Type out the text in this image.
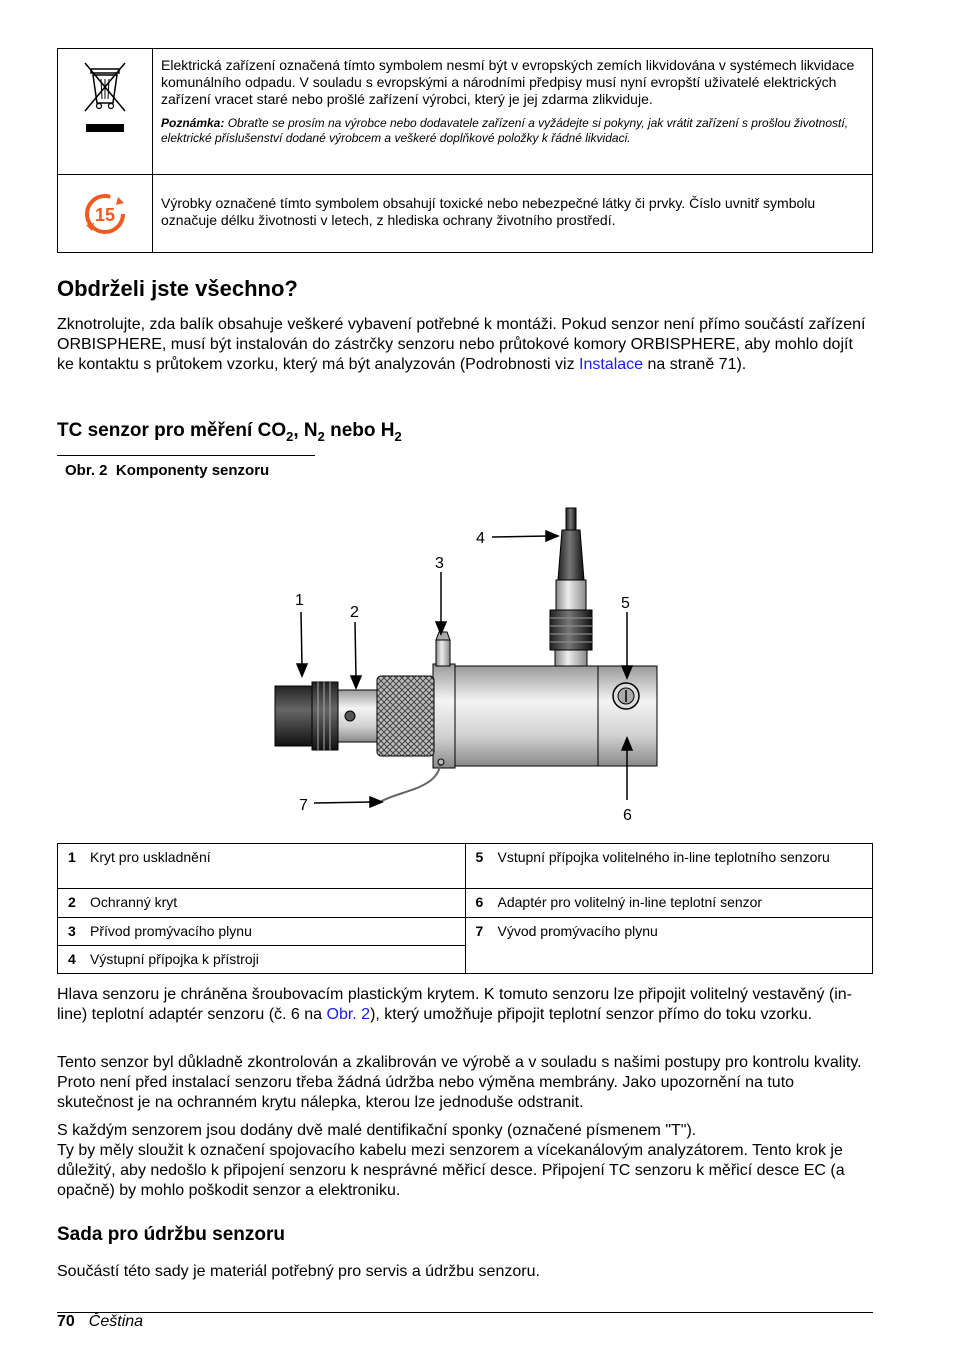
Elektrická zařízení označená tímto symbolem nesmí být v evropských zemích likvidována v systémech likvidace komunálního odpadu. V souladu s evropskými a národními předpisy musí nyní evropští uživatelé elektrických zařízení vracet staré nebo prošlé zařízení výrobci, který je jej zdarma zlikviduje.
Poznámka: Obraťte se prosím na výrobce nebo dodavatele zařízení a vyžádejte si pokyny, jak vrátit zařízení s prošlou životností, elektrické příslušenství dodané výrobcem a veškeré doplňkové položky k řádné likvidaci.

15	Výrobky označené tímto symbolem obsahují toxické nebo nebezpečné látky či prvky. Číslo uvnitř symbolu označuje délku životnosti v letech, z hlediska ochrany životního prostředí.
Obdrželi jste všechno?

Zknotrolujte, zda balík obsahuje veškeré vybavení potřebné k montáži. Pokud senzor není přímo součástí zařízení ORBISPHERE, musí být instalován do zástrčky senzoru nebo průtokové komory ORBISPHERE, aby mohlo dojít ke kontaktu s průtokem vzorku, který má být analyzován (Podrobnosti viz Instalace na straně 71).

TC senzor pro měření $CO_2$, $N_2$ nebo $H_2$
Obr. 2 Komponenty senzoru
1
2
3
4
5
6
7
1 Kryt pro uskladnění	5 Vstupní přípojka volitelného in-line teplotního senzoru

2 Ochranný kryt	6 Adaptér pro volitelný in-line teplotní senzor

3 Přívod promývacího plynu	7 Vývod promývacího plynu

4 Výstupní přípojka k přístroji	

Hlava senzoru je chráněna šroubovacím plastickým krytem. K tomuto senzoru lze připojit volitelný vestavěný (in-line) teplotní adaptér senzoru (č. 6 na Obr. 2), který umožňuje připojit teplotní senzor přímo do toku vzorku.

Tento senzor byl důkladně zkontrolován a zkalibrován ve výrobě a v souladu s našimi postupy pro kontrolu kvality. Proto není před instalací senzoru třeba žádná údržba nebo výměna membrány. Jako upozornění na tuto skutečnost je na ochranném krytu nálepka, kterou lze jednoduše odstranit.

S každým senzorem jsou dodány dvě malé dentifikační sponky (označené písmenem "T").
Ty by měly sloužit k označení spojovacího kabelu mezi senzorem a vícekanálovým analyzátorem. Tento krok je důležitý, aby nedošlo k připojení senzoru k nesprávné měřicí desce. Připojení TC senzoru k měřicí desce EC (a opačně) by mohlo poškodit senzor a elektroniku.

Sada pro údržbu senzoru

Součástí této sady je materiál potřebný pro servis a údržbu senzoru.

70 Čeština
